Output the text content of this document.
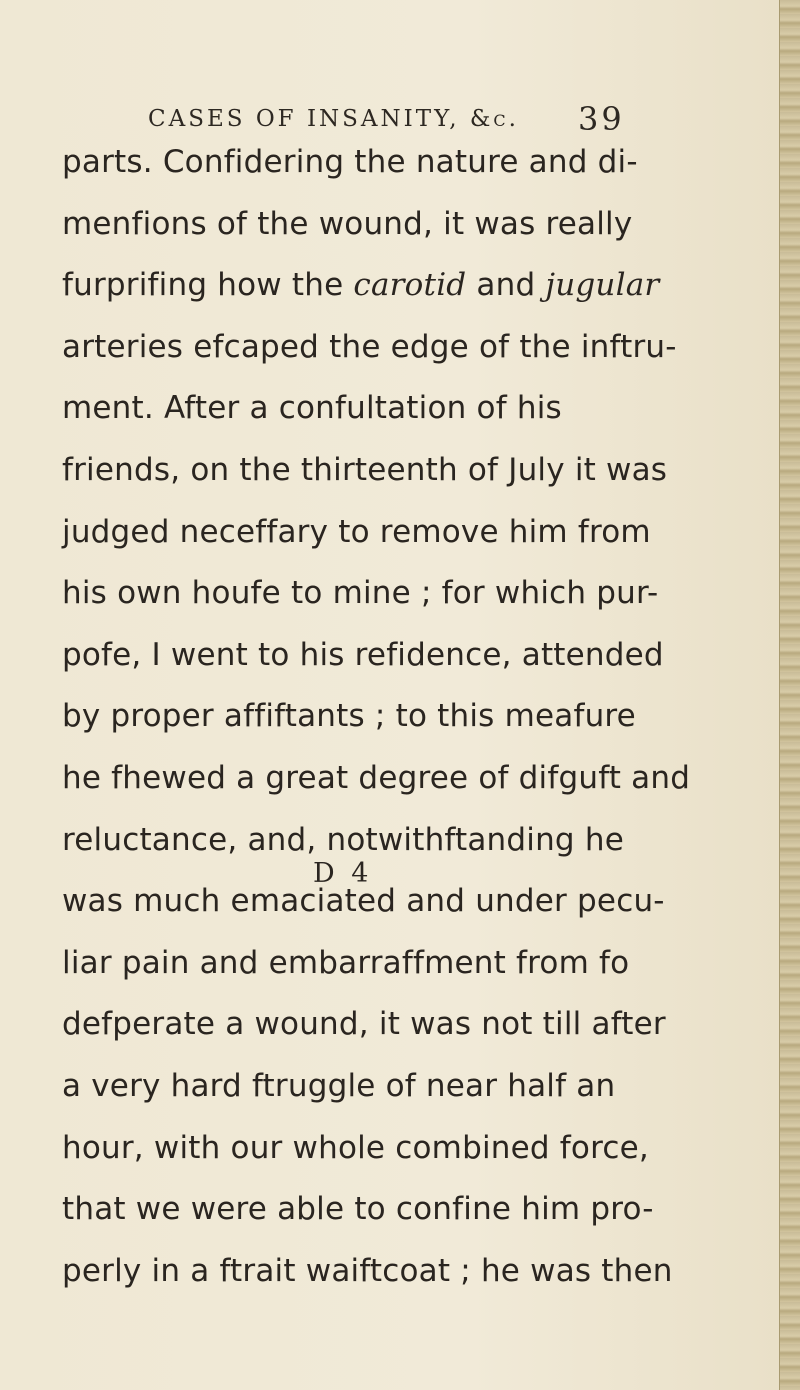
CASES OF INSANITY, &c. 39
parts. Confidering the nature and di-
menfions of the wound, it was really
furprifing how the carotid and jugular
arteries efcaped the edge of the inftru-
ment. After a confultation of his
friends, on the thirteenth of July it was
judged neceffary to remove him from
his own houfe to mine ; for which pur-
pofe, I went to his refidence, attended
by proper affiftants ; to this meafure
he fhewed a great degree of difguft and
reluctance, and, notwithftanding he
was much emaciated and under pecu-
liar pain and embarraffment from fo
defperate a wound, it was not till after
a very hard ftruggle of near half an
hour, with our whole combined force,
that we were able to confine him pro-
perly in a ftrait waiftcoat ; he was then
D 4
